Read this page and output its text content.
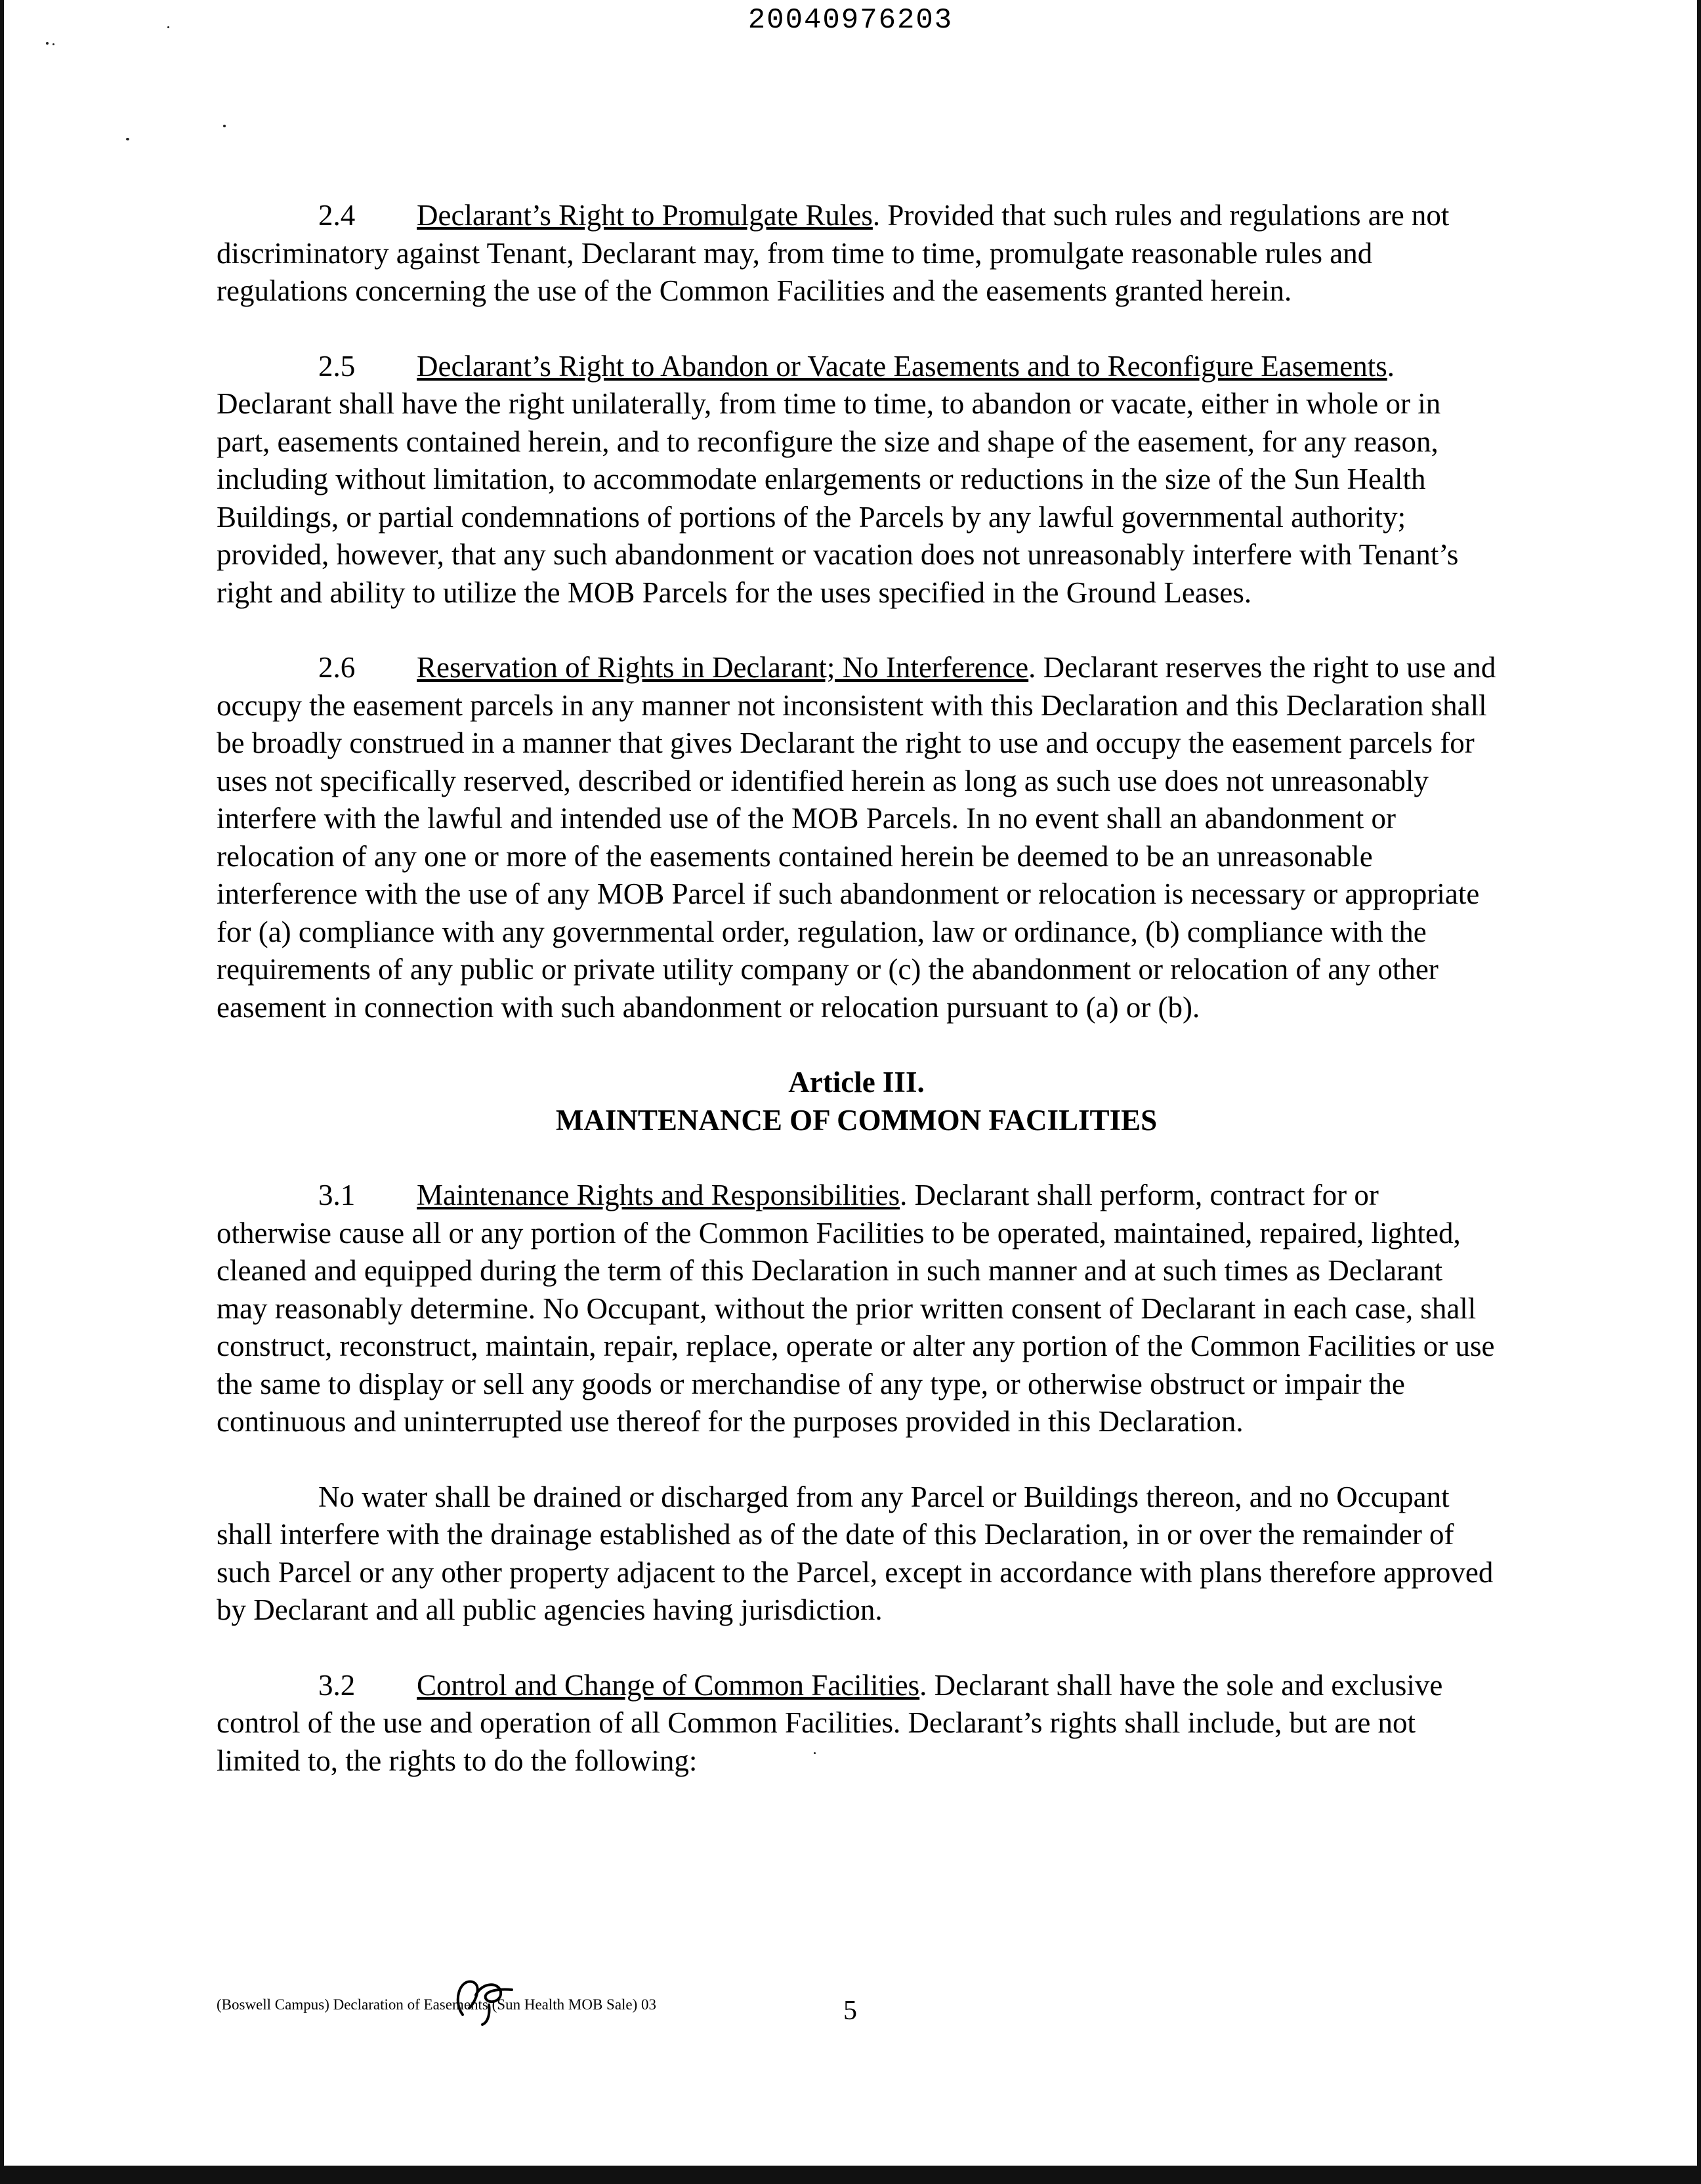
20040976203

2.4 Declarant’s Right to Promulgate Rules. Provided that such rules and regulations are not discriminatory against Tenant, Declarant may, from time to time, promulgate reasonable rules and regulations concerning the use of the Common Facilities and the easements granted herein.

2.5 Declarant’s Right to Abandon or Vacate Easements and to Reconfigure Easements. Declarant shall have the right unilaterally, from time to time, to abandon or vacate, either in whole or in part, easements contained herein, and to reconfigure the size and shape of the easement, for any reason, including without limitation, to accommodate enlargements or reductions in the size of the Sun Health Buildings, or partial condemnations of portions of the Parcels by any lawful governmental authority; provided, however, that any such abandonment or vacation does not unreasonably interfere with Tenant’s right and ability to utilize the MOB Parcels for the uses specified in the Ground Leases.

2.6 Reservation of Rights in Declarant; No Interference. Declarant reserves the right to use and occupy the easement parcels in any manner not inconsistent with this Declaration and this Declaration shall be broadly construed in a manner that gives Declarant the right to use and occupy the easement parcels for uses not specifically reserved, described or identified herein as long as such use does not unreasonably interfere with the lawful and intended use of the MOB Parcels. In no event shall an abandonment or relocation of any one or more of the easements contained herein be deemed to be an unreasonable interference with the use of any MOB Parcel if such abandonment or relocation is necessary or appropriate for (a) compliance with any governmental order, regulation, law or ordinance, (b) compliance with the requirements of any public or private utility company or (c) the abandonment or relocation of any other easement in connection with such abandonment or relocation pursuant to (a) or (b).

Article III.
MAINTENANCE OF COMMON FACILITIES

3.1 Maintenance Rights and Responsibilities. Declarant shall perform, contract for or otherwise cause all or any portion of the Common Facilities to be operated, maintained, repaired, lighted, cleaned and equipped during the term of this Declaration in such manner and at such times as Declarant may reasonably determine. No Occupant, without the prior written consent of Declarant in each case, shall construct, reconstruct, maintain, repair, replace, operate or alter any portion of the Common Facilities or use the same to display or sell any goods or merchandise of any type, or otherwise obstruct or impair the continuous and uninterrupted use thereof for the purposes provided in this Declaration.

No water shall be drained or discharged from any Parcel or Buildings thereon, and no Occupant shall interfere with the drainage established as of the date of this Declaration, in or over the remainder of such Parcel or any other property adjacent to the Parcel, except in accordance with plans therefore approved by Declarant and all public agencies having jurisdiction.

3.2 Control and Change of Common Facilities. Declarant shall have the sole and exclusive control of the use and operation of all Common Facilities. Declarant’s rights shall include, but are not limited to, the rights to do the following:

(Boswell Campus) Declaration of Easements (Sun Health MOB Sale) 03	5
